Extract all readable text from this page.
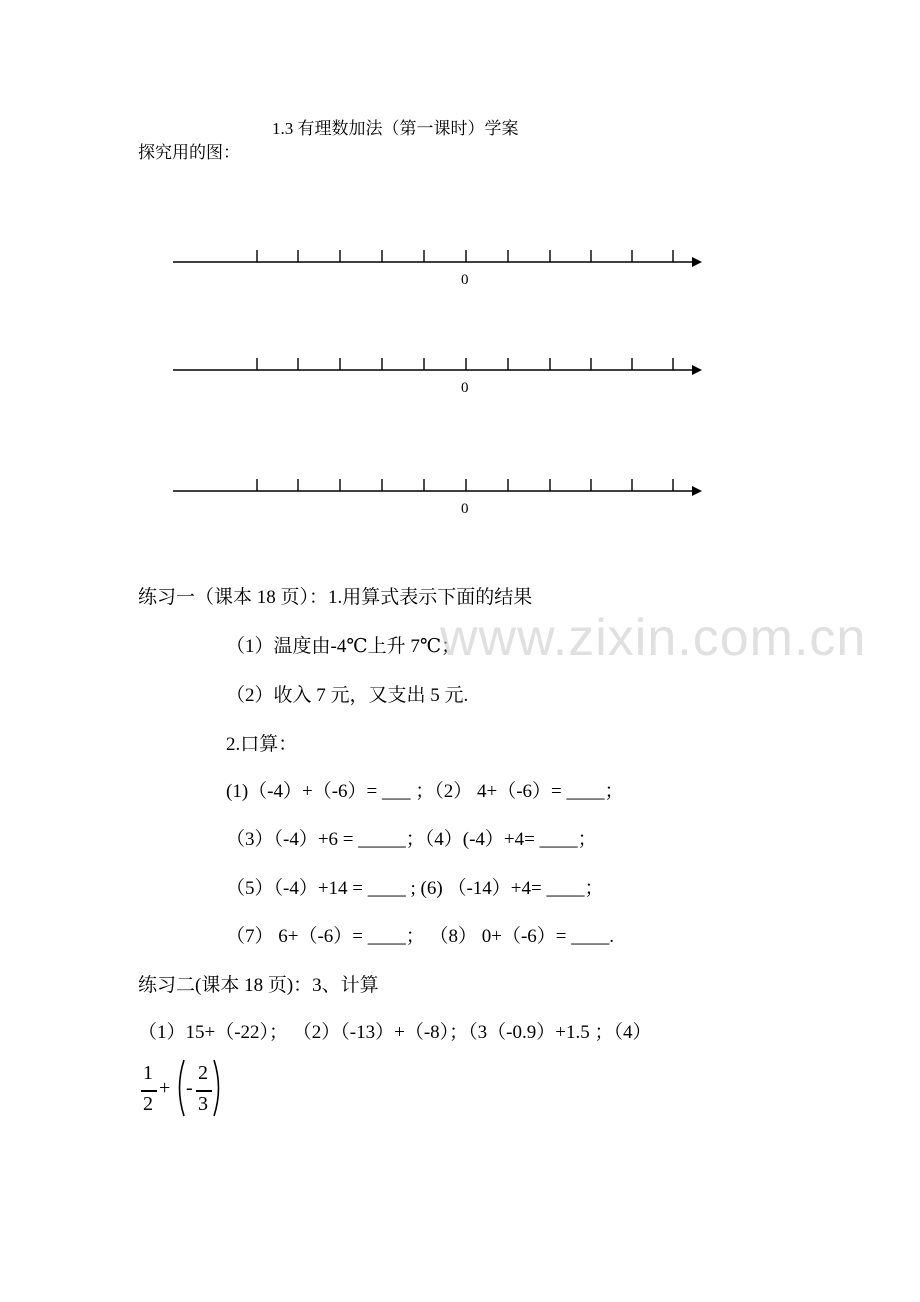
1.3 有理数加法（第一课时）学案
探究用的图：
0
0
0
练习一（课本 18 页）：1.用算式表示下面的结果
（1）温度由-4℃上升 7℃；
（2）收入 7 元，又支出 5 元.
2.口算：
(1)（-4）+（-6）= ___ ；（2） 4+（-6）= ____；
（3）（-4）+6 = _____；（4）(-4）+4= ____；
（5）（-4）+14 = ____ ; (6) （-14）+4= ____；
（7） 6+（-6）= ____； （8） 0+（-6）= ____.
练习二(课本 18 页)：3、计算
（1）15+（-22）； （2）（-13）+（-8）；（3（-0.9）+1.5 ；（4）
1
2
+ -
2
3
www.zixin.com.cn
